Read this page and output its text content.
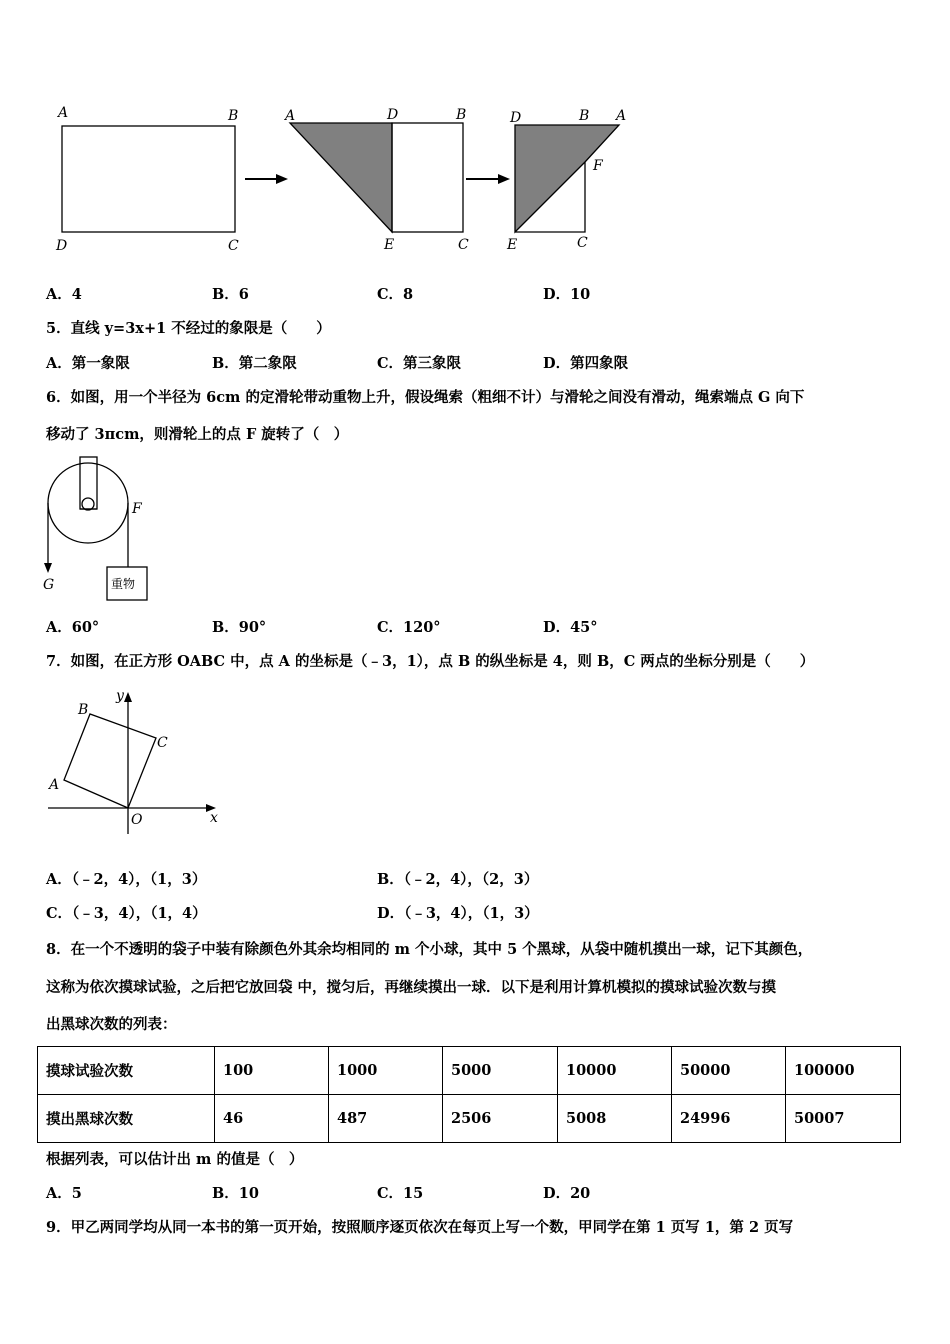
A	B
D	C
A	D	B
E	C
D	B A
F
E	C
A．4	B．6	C．8	D．10
5．直线 y=3x+1 不经过的象限是（　　）
A．第一象限	B．第二象限	C．第三象限	D．第四象限
6．如图，用一个半径为 6cm 的定滑轮带动重物上升，假设绳索（粗细不计）与滑轮之间没有滑动，绳索端点 G 向下
移动了 3πcm，则滑轮上的点 F 旋转了（　）
重物
F
G
A．60°	B．90°	C．120°	D．45°
7．如图，在正方形 OABC 中，点 A 的坐标是（﹣3，1），点 B 的纵坐标是 4，则 B，C 两点的坐标分别是（　　）
B
y
C
A
O	x
A．（﹣2，4），（1，3）	B．（﹣2，4），（2，3）
C．（﹣3，4），（1，4）	D．（﹣3，4），（1，3）
8．在一个不透明的袋子中装有除颜色外其余均相同的 m 个小球，其中 5 个黑球，从袋中随机摸出一球，记下其颜色，
这称为依次摸球试验，之后把它放回袋 中，搅匀后，再继续摸出一球．以下是利用计算机模拟的摸球试验次数与摸
出黑球次数的列表：
摸球试验次数	100	1000	5000	10000	50000	100000
摸出黑球次数	46	487	2506	5008	24996	50007
根据列表，可以估计出 m 的值是（　）
A．5	B．10	C．15	D．20
9．甲乙两同学均从同一本书的第一页开始，按照顺序逐页依次在每页上写一个数，甲同学在第 1 页写 1，第 2 页写
